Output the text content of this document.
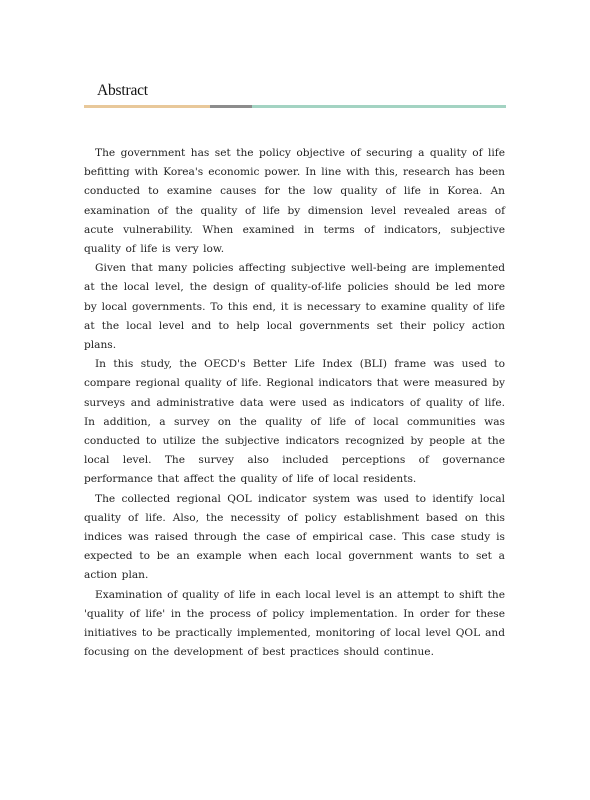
Abstract

The government has set the policy objective of securing a quality of life befitting with Korea's economic power. In line with this, research has been conducted to examine causes for the low quality of life in Korea. An examination of the quality of life by dimension level revealed areas of acute vulnerability. When examined in terms of indicators, subjective quality of life is very low.

Given that many policies affecting subjective well-being are implemented at the local level, the design of quality-of-life policies should be led more by local governments. To this end, it is necessary to examine quality of life at the local level and to help local governments set their policy action plans.

In this study, the OECD's Better Life Index (BLI) frame was used to compare regional quality of life. Regional indicators that were measured by surveys and administrative data were used as indicators of quality of life. In addition, a survey on the quality of life of local communities was conducted to utilize the subjective indicators recognized by people at the local level. The survey also included perceptions of governance performance that affect the quality of life of local residents.

The collected regional QOL indicator system was used to identify local quality of life. Also, the necessity of policy establishment based on this indices was raised through the case of empirical case. This case study is expected to be an example when each local government wants to set a action plan.

Examination of quality of life in each local level is an attempt to shift the 'quality of life' in the process of policy implementation. In order for these initiatives to be practically implemented, monitoring of local level QOL and focusing on the development of best practices should continue.
